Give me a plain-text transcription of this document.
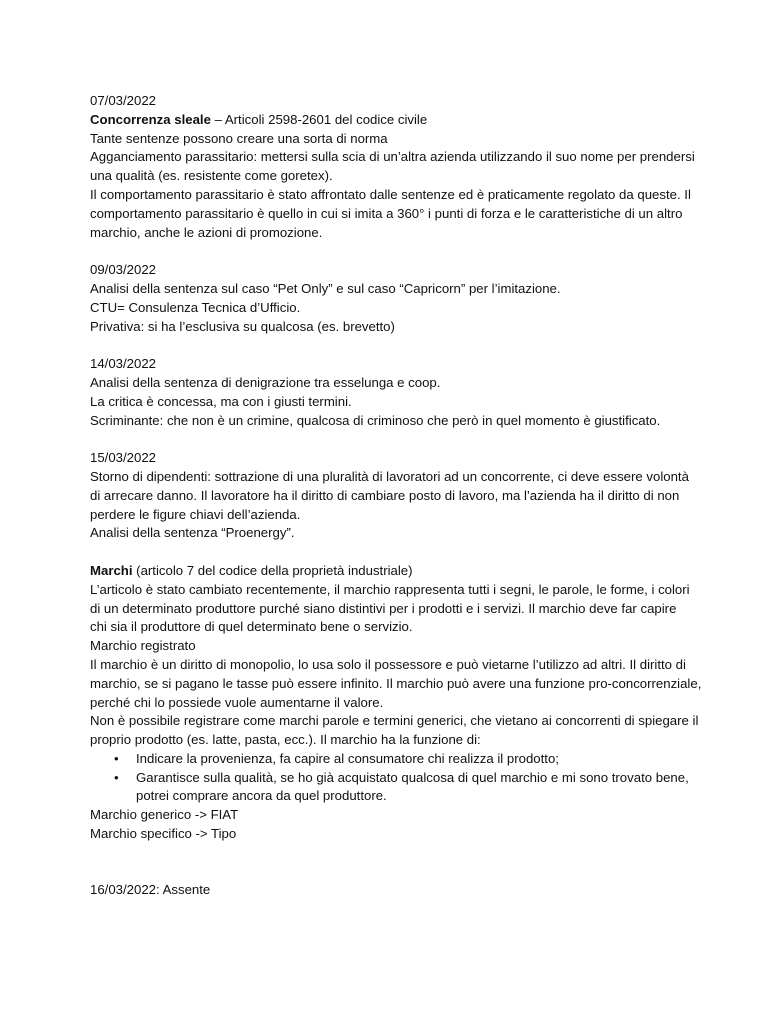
07/03/2022

Concorrenza sleale – Articoli 2598-2601 del codice civile

Tante sentenze possono creare una sorta di norma

Agganciamento parassitario: mettersi sulla scia di un’altra azienda utilizzando il suo nome per prendersi

una qualità (es. resistente come goretex).

Il comportamento parassitario è stato affrontato dalle sentenze ed è praticamente regolato da queste. Il

comportamento parassitario è quello in cui si imita a 360° i punti di forza e le caratteristiche di un altro

marchio, anche le azioni di promozione.

09/03/2022

Analisi della sentenza sul caso “Pet Only” e sul caso “Capricorn” per l’imitazione.

CTU= Consulenza Tecnica d’Ufficio.

Privativa: si ha l’esclusiva su qualcosa (es. brevetto)

14/03/2022

Analisi della sentenza di denigrazione tra esselunga e coop.

La critica è concessa, ma con i giusti termini.

Scriminante: che non è un crimine, qualcosa di criminoso che però in quel momento è giustificato.

15/03/2022

Storno di dipendenti: sottrazione di una pluralità di lavoratori ad un concorrente, ci deve essere volontà

di arrecare danno. Il lavoratore ha il diritto di cambiare posto di lavoro, ma l’azienda ha il diritto di non

perdere le figure chiavi dell’azienda.

Analisi della sentenza “Proenergy”.

Marchi (articolo 7 del codice della proprietà industriale)

L’articolo è stato cambiato recentemente, il marchio rappresenta tutti i segni, le parole, le forme, i colori

di un determinato produttore purché siano distintivi per i prodotti e i servizi. Il marchio deve far capire

chi sia il produttore di quel determinato bene o servizio.

Marchio registrato

Il marchio è un diritto di monopolio, lo usa solo il possessore e può vietarne l’utilizzo ad altri. Il diritto di

marchio, se si pagano le tasse può essere infinito. Il marchio può avere una funzione pro-concorrenziale,

perché chi lo possiede vuole aumentarne il valore.

Non è possibile registrare come marchi parole e termini generici, che vietano ai concorrenti di spiegare il

proprio prodotto (es. latte, pasta, ecc.). Il marchio ha la funzione di:

• Indicare la provenienza, fa capire al consumatore chi realizza il prodotto;

• Garantisce sulla qualità, se ho già acquistato qualcosa di quel marchio e mi sono trovato bene,

potrei comprare ancora da quel produttore.

Marchio generico -> FIAT

Marchio specifico -> Tipo

16/03/2022: Assente
